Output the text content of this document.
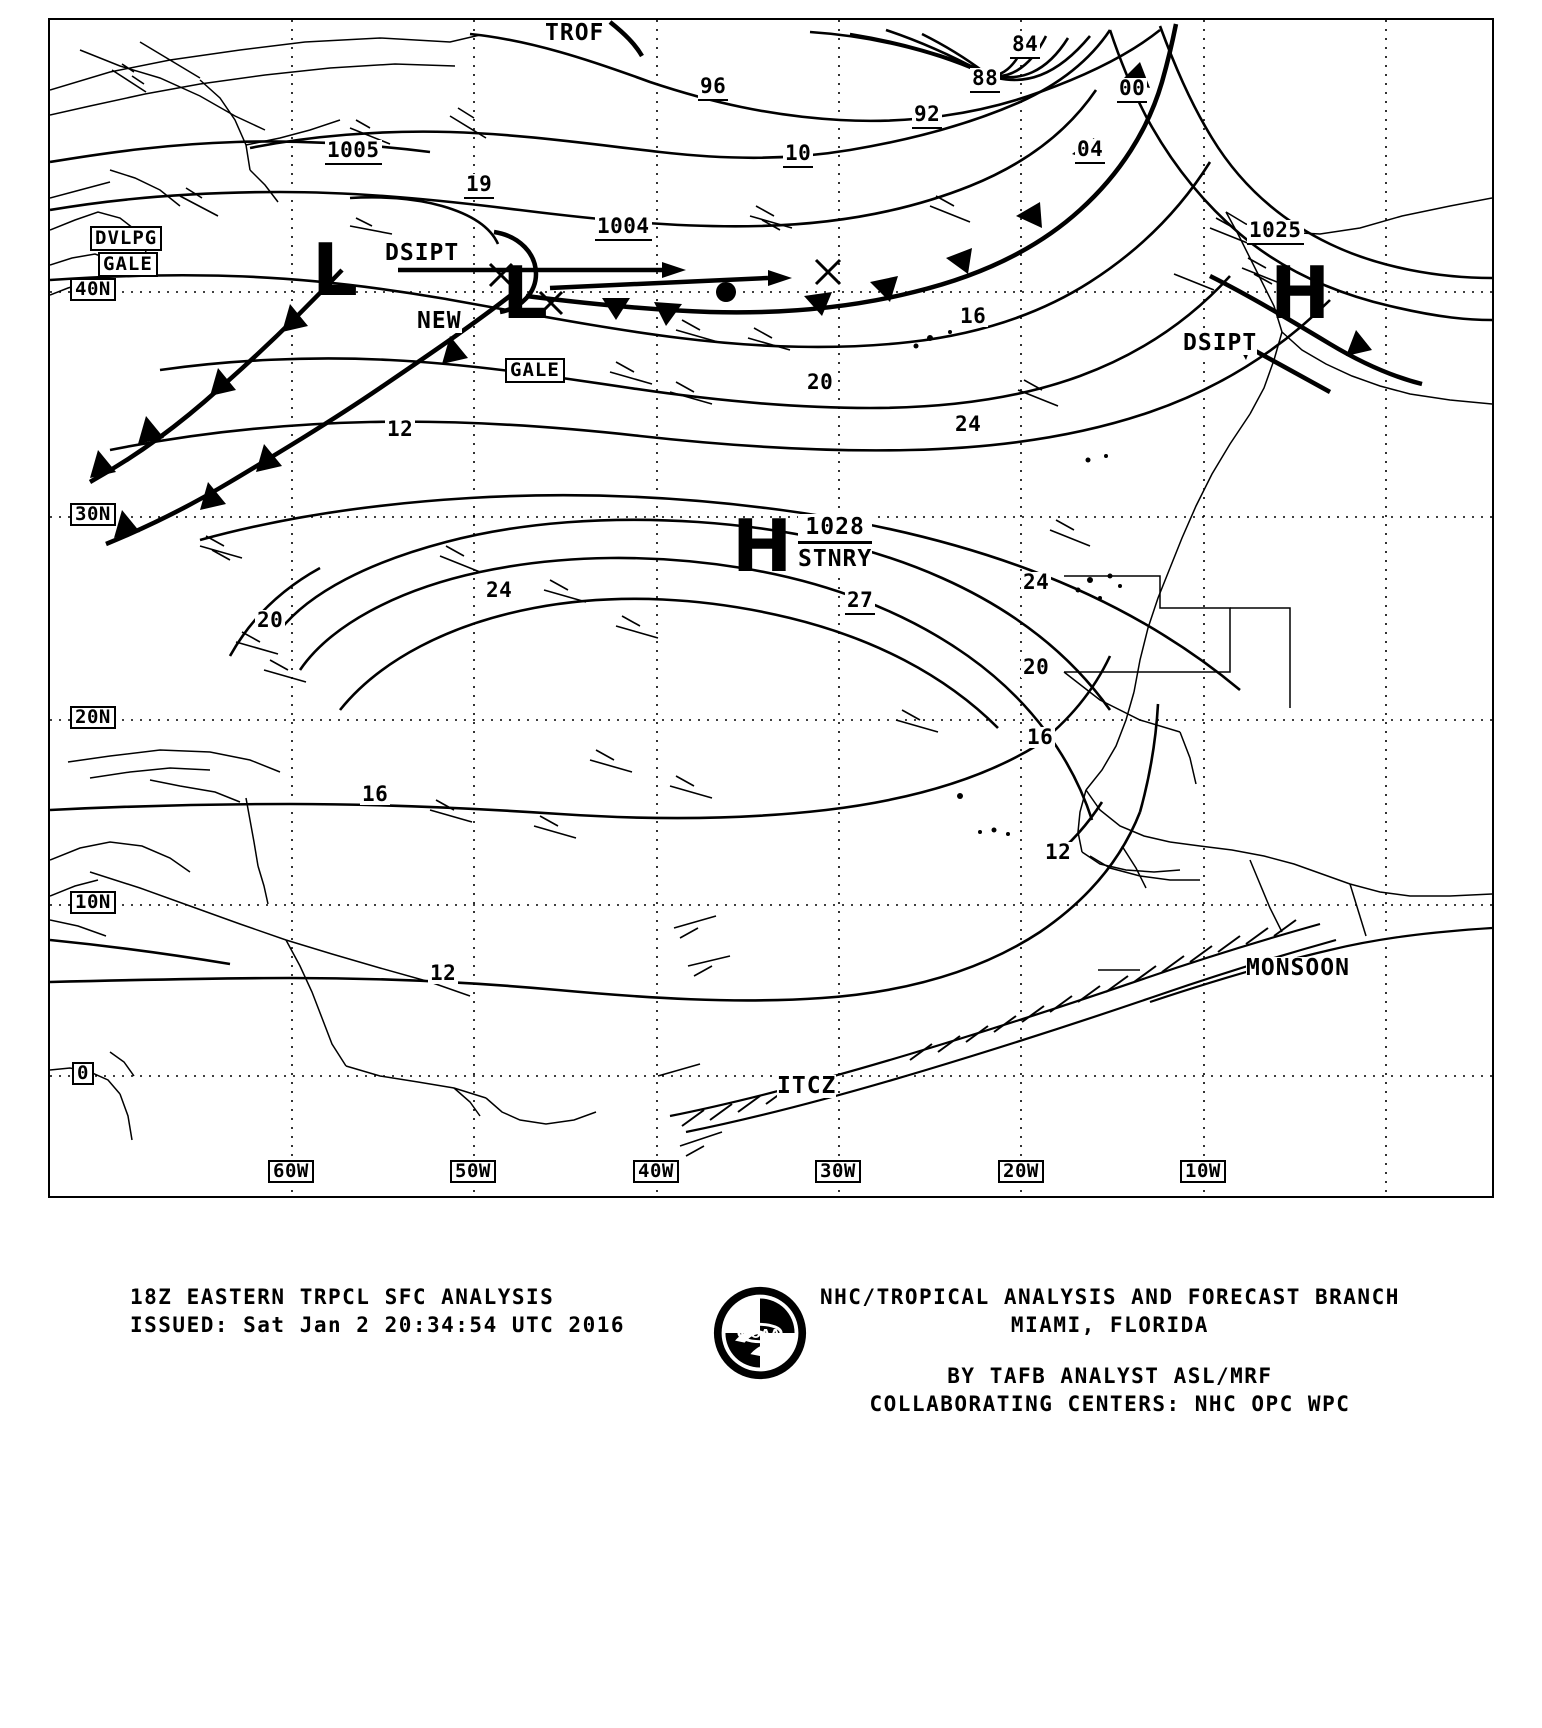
40N
30N
20N
10N
0
60W	50W	40W	30W	20W	10W
96
84
88
92
00
04
10
1005
19
1004	1025
16
12
20
24
24	24
20
20
16
16
12
12
L L
H
H
TROF
DSIPT
NEW
DSIPT
MONSOON
ITCZ
DVLPG
GALE
GALE
1028
STNRY
27
18Z EASTERN TRPCL SFC ANALYSIS
ISSUED: Sat Jan 2 20:34:54 UTC 2016	NOAA
NHC/TROPICAL ANALYSIS AND FORECAST BRANCH
MIAMI, FLORIDA
BY TAFB ANALYST ASL/MRF
COLLABORATING CENTERS: NHC OPC WPC
